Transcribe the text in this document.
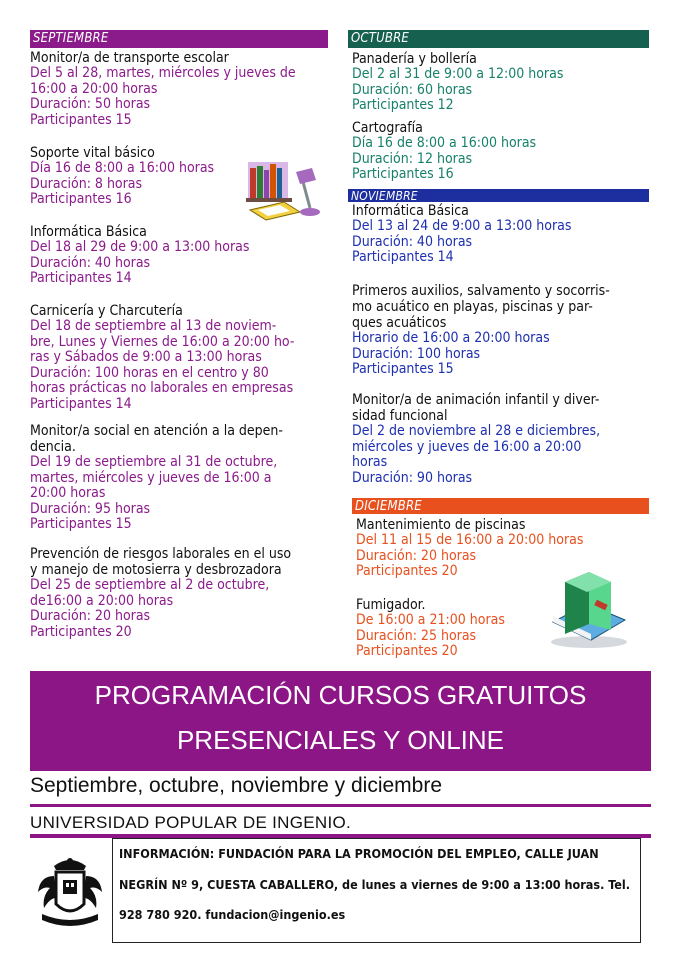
SEPTIEMBRE
Monitor/a de transporte escolar
Del 5 al 28, martes, miércoles y jueves de
16:00 a 20:00 horas
Duración: 50 horas
Participantes 15
Soporte vital básico
Día 16 de 8:00 a 16:00 horas
Duración: 8 horas
Participantes 16
Informática Básica
Del 18 al 29 de 9:00 a 13:00 horas
Duración: 40 horas
Participantes 14
Carnicería y Charcutería
Del 18 de septiembre al 13 de noviem-
bre, Lunes y Viernes de 16:00 a 20:00 ho-
ras y Sábados de 9:00 a 13:00 horas
Duración: 100 horas en el centro y 80
horas prácticas no laborales en empresas
Participantes 14
Monitor/a social en atención a la depen-
dencia.
Del 19 de septiembre al 31 de octubre,
martes, miércoles y jueves de 16:00 a
20:00 horas
Duración: 95 horas
Participantes 15
Prevención de riesgos laborales en el uso
y manejo de motosierra y desbrozadora
Del 25 de septiembre al 2 de octubre,
de16:00 a 20:00 horas
Duración: 20 horas
Participantes 20
OCTUBRE
Panadería y bollería
Del 2 al 31 de 9:00 a 12:00 horas
Duración: 60 horas
Participantes 12
Cartografía
Día 16 de 8:00 a 16:00 horas
Duración: 12 horas
Participantes 16
NOVIEMBRE
Informática Básica
Del 13 al 24 de 9:00 a 13:00 horas
Duración: 40 horas
Participantes 14
Primeros auxilios, salvamento y socorris-
mo acuático en playas, piscinas y par-
ques acuáticos
Horario de 16:00 a 20:00 horas
Duración: 100 horas
Participantes 15
Monitor/a de animación infantil y diver-
sidad funcional
Del 2 de noviembre al 28 e diciembres,
miércoles y jueves de 16:00 a 20:00
horas
Duración: 90 horas
DICIEMBRE
Mantenimiento de piscinas
Del 11 al 15 de 16:00 a 20:00 horas
Duración: 20 horas
Participantes 20
Fumigador.
De 16:00 a 21:00 horas
Duración: 25 horas
Participantes 20
PROGRAMACIÓN CURSOS GRATUITOS
PRESENCIALES Y ONLINE
Septiembre, octubre, noviembre y diciembre
UNIVERSIDAD POPULAR DE INGENIO.
INFORMACIÓN: FUNDACIÓN PARA LA PROMOCIÓN DEL EMPLEO, CALLE JUAN
NEGRÍN Nº 9, CUESTA CABALLERO, de lunes a viernes de 9:00 a 13:00 horas. Tel.
928 780 920. fundacion@ingenio.es
